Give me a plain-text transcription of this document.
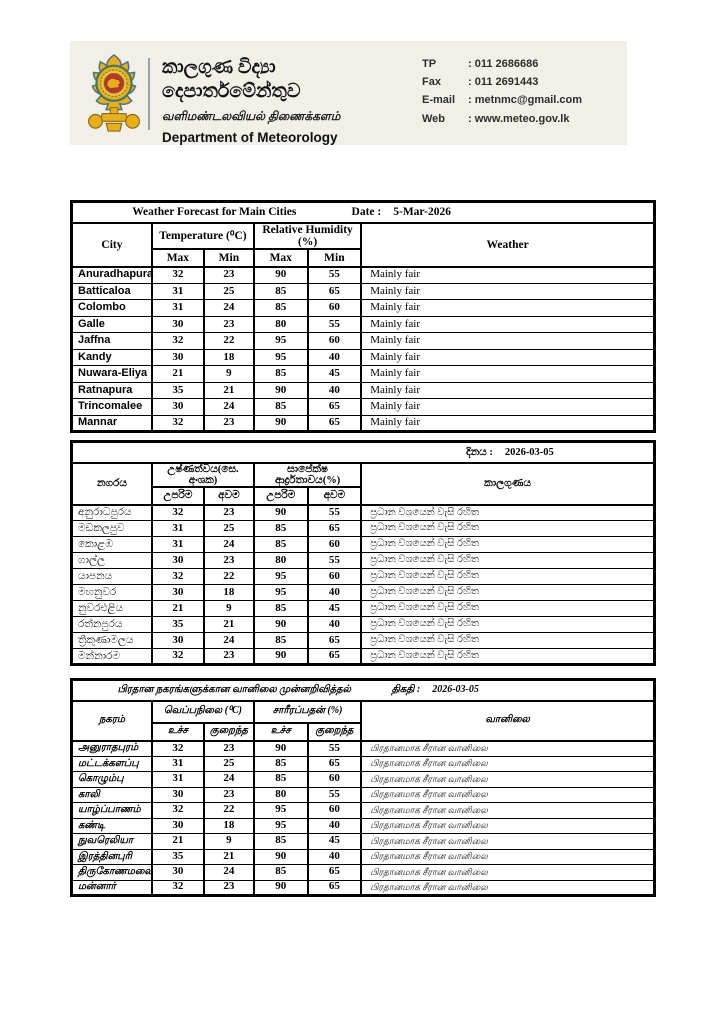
කාලගුණ විද්‍යා දෙපාර්තමේන්තුව
வளிமண்டலவியல் திணைக்களம்
Department of Meteorology
TP	: 011 2686686
Fax	: 011 2691443
E-mail	: metnmc@gmail.com
Web	: www.meteo.gov.lk
Weather Forecast for Main Cities Date : 5-Mar-2026					

City	Temperature (⁰C)		Relative Humidity (%)		Weather
	Max	Min	Max	Min	
Anuradhapura	32	23	90	55	Mainly fair
Batticaloa	31	25	85	65	Mainly fair
Colombo	31	24	85	60	Mainly fair
Galle	30	23	80	55	Mainly fair
Jaffna	32	22	95	60	Mainly fair
Kandy	30	18	95	40	Mainly fair
Nuwara-Eliya	21	9	85	45	Mainly fair
Ratnapura	35	21	90	40	Mainly fair
Trincomalee	30	24	85	65	Mainly fair
Mannar	32	23	90	65	Mainly fair
දිනය : 2026-03-05					

නගරය	උෂ්ණත්වය(සෙ. අංශක)		සාපේක්ෂ ආර්ද්‍රතාවය(%)		කාලගුණය
	උපරිම	අවම	උපරිම	අවම	
අනුරාධපුරය	32	23	90	55	ප්‍රධාන වශයෙන් වැසි රහිත
මඩකලපුව	31	25	85	65	ප්‍රධාන වශයෙන් වැසි රහිත
කොළඹ	31	24	85	60	ප්‍රධාන වශයෙන් වැසි රහිත
ගාල්ල	30	23	80	55	ප්‍රධාන වශයෙන් වැසි රහිත
යාපනය	32	22	95	60	ප්‍රධාන වශයෙන් වැසි රහිත
මහනුවර	30	18	95	40	ප්‍රධාන වශයෙන් වැසි රහිත
නුවරඑළිය	21	9	85	45	ප්‍රධාන වශයෙන් වැසි රහිත
රත්නපුරය	35	21	90	40	ප්‍රධාන වශයෙන් වැසි රහිත
ත්‍රිකුණාමලය	30	24	85	65	ප්‍රධාන වශයෙන් වැසි රහිත
මන්නාරම	32	23	90	65	ප්‍රධාන වශයෙන් වැසි රහිත
பிரதான நகரங்களுக்கான வானிலை முன்னறிவித்தல் திகதி : 2026-03-05					

நகரம்	வெப்பநிலை (⁰C)		சாரீரப்பதன் (%)		வானிலை
	உச்ச	குறைந்த	உச்ச	குறைந்த	
அனுராதபுரம்	32	23	90	55	பிரதானமாக சீரான வானிலை
மட்டக்களப்பு	31	25	85	65	பிரதானமாக சீரான வானிலை
கொழும்பு	31	24	85	60	பிரதானமாக சீரான வானிலை
காலி	30	23	80	55	பிரதானமாக சீரான வானிலை
யாழ்ப்பாணம்	32	22	95	60	பிரதானமாக சீரான வானிலை
கண்டி	30	18	95	40	பிரதானமாக சீரான வானிலை
நுவரெலியா	21	9	85	45	பிரதானமாக சீரான வானிலை
இரத்தினபுரி	35	21	90	40	பிரதானமாக சீரான வானிலை
திருகோணமலை	30	24	85	65	பிரதானமாக சீரான வானிலை
மன்னார்	32	23	90	65	பிரதானமாக சீரான வானிலை
